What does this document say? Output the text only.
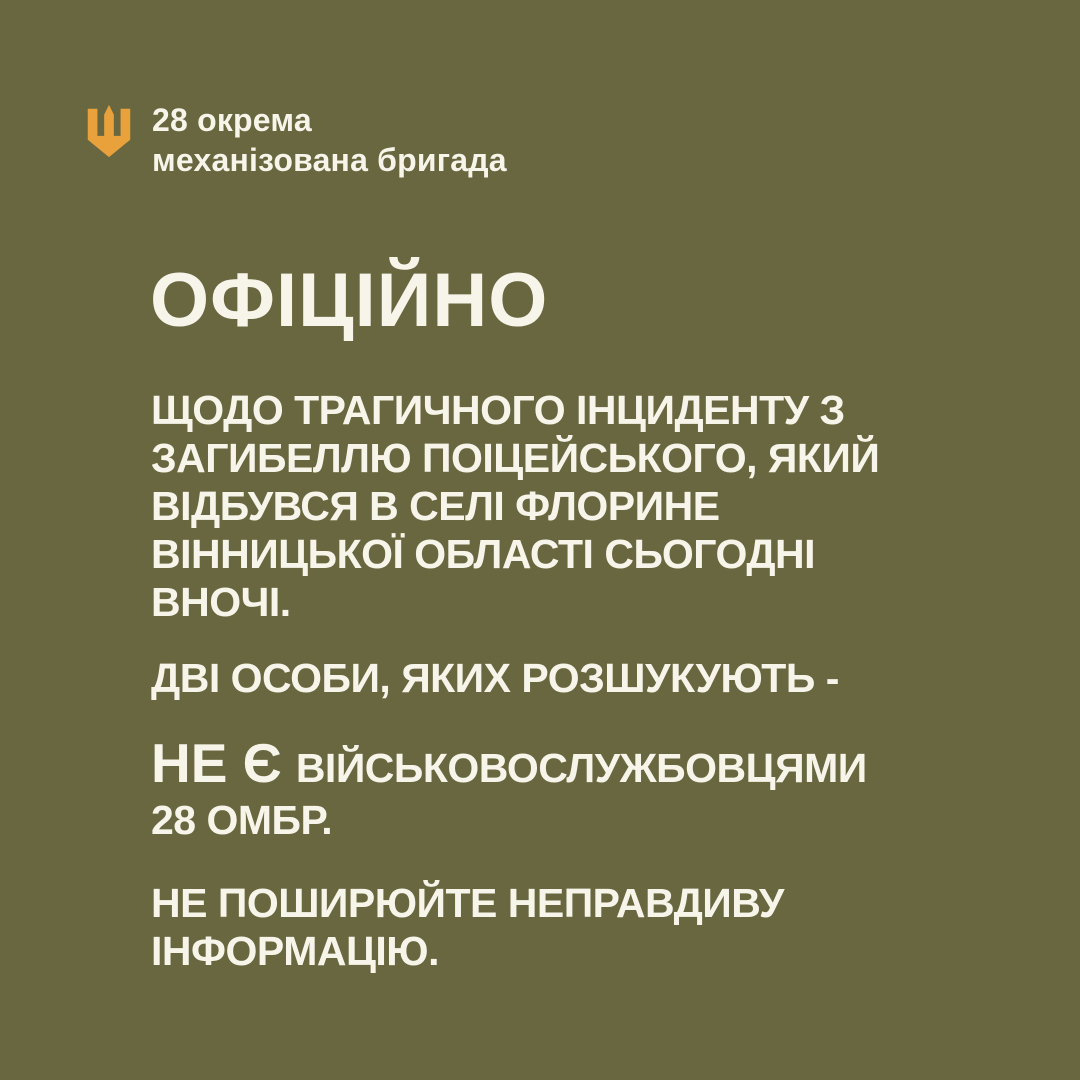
28 окрема
механізована бригада
ОФІЦІЙНО

ЩОДО ТРАГИЧНОГО ІНЦИДЕНТУ З
ЗАГИБЕЛЛЮ ПОІЦЕЙСЬКОГО, ЯКИЙ
ВІДБУВСЯ В СЕЛІ ФЛОРИНЕ
ВІННИЦЬКОЇ ОБЛАСТІ СЬОГОДНІ
ВНОЧІ.

ДВІ ОСОБИ, ЯКИХ РОЗШУКУЮТЬ -

НЕ Є ВІЙСЬКОВОСЛУЖБОВЦЯМИ
28 ОМБР.

НЕ ПОШИРЮЙТЕ НЕПРАВДИВУ
ІНФОРМАЦІЮ.
